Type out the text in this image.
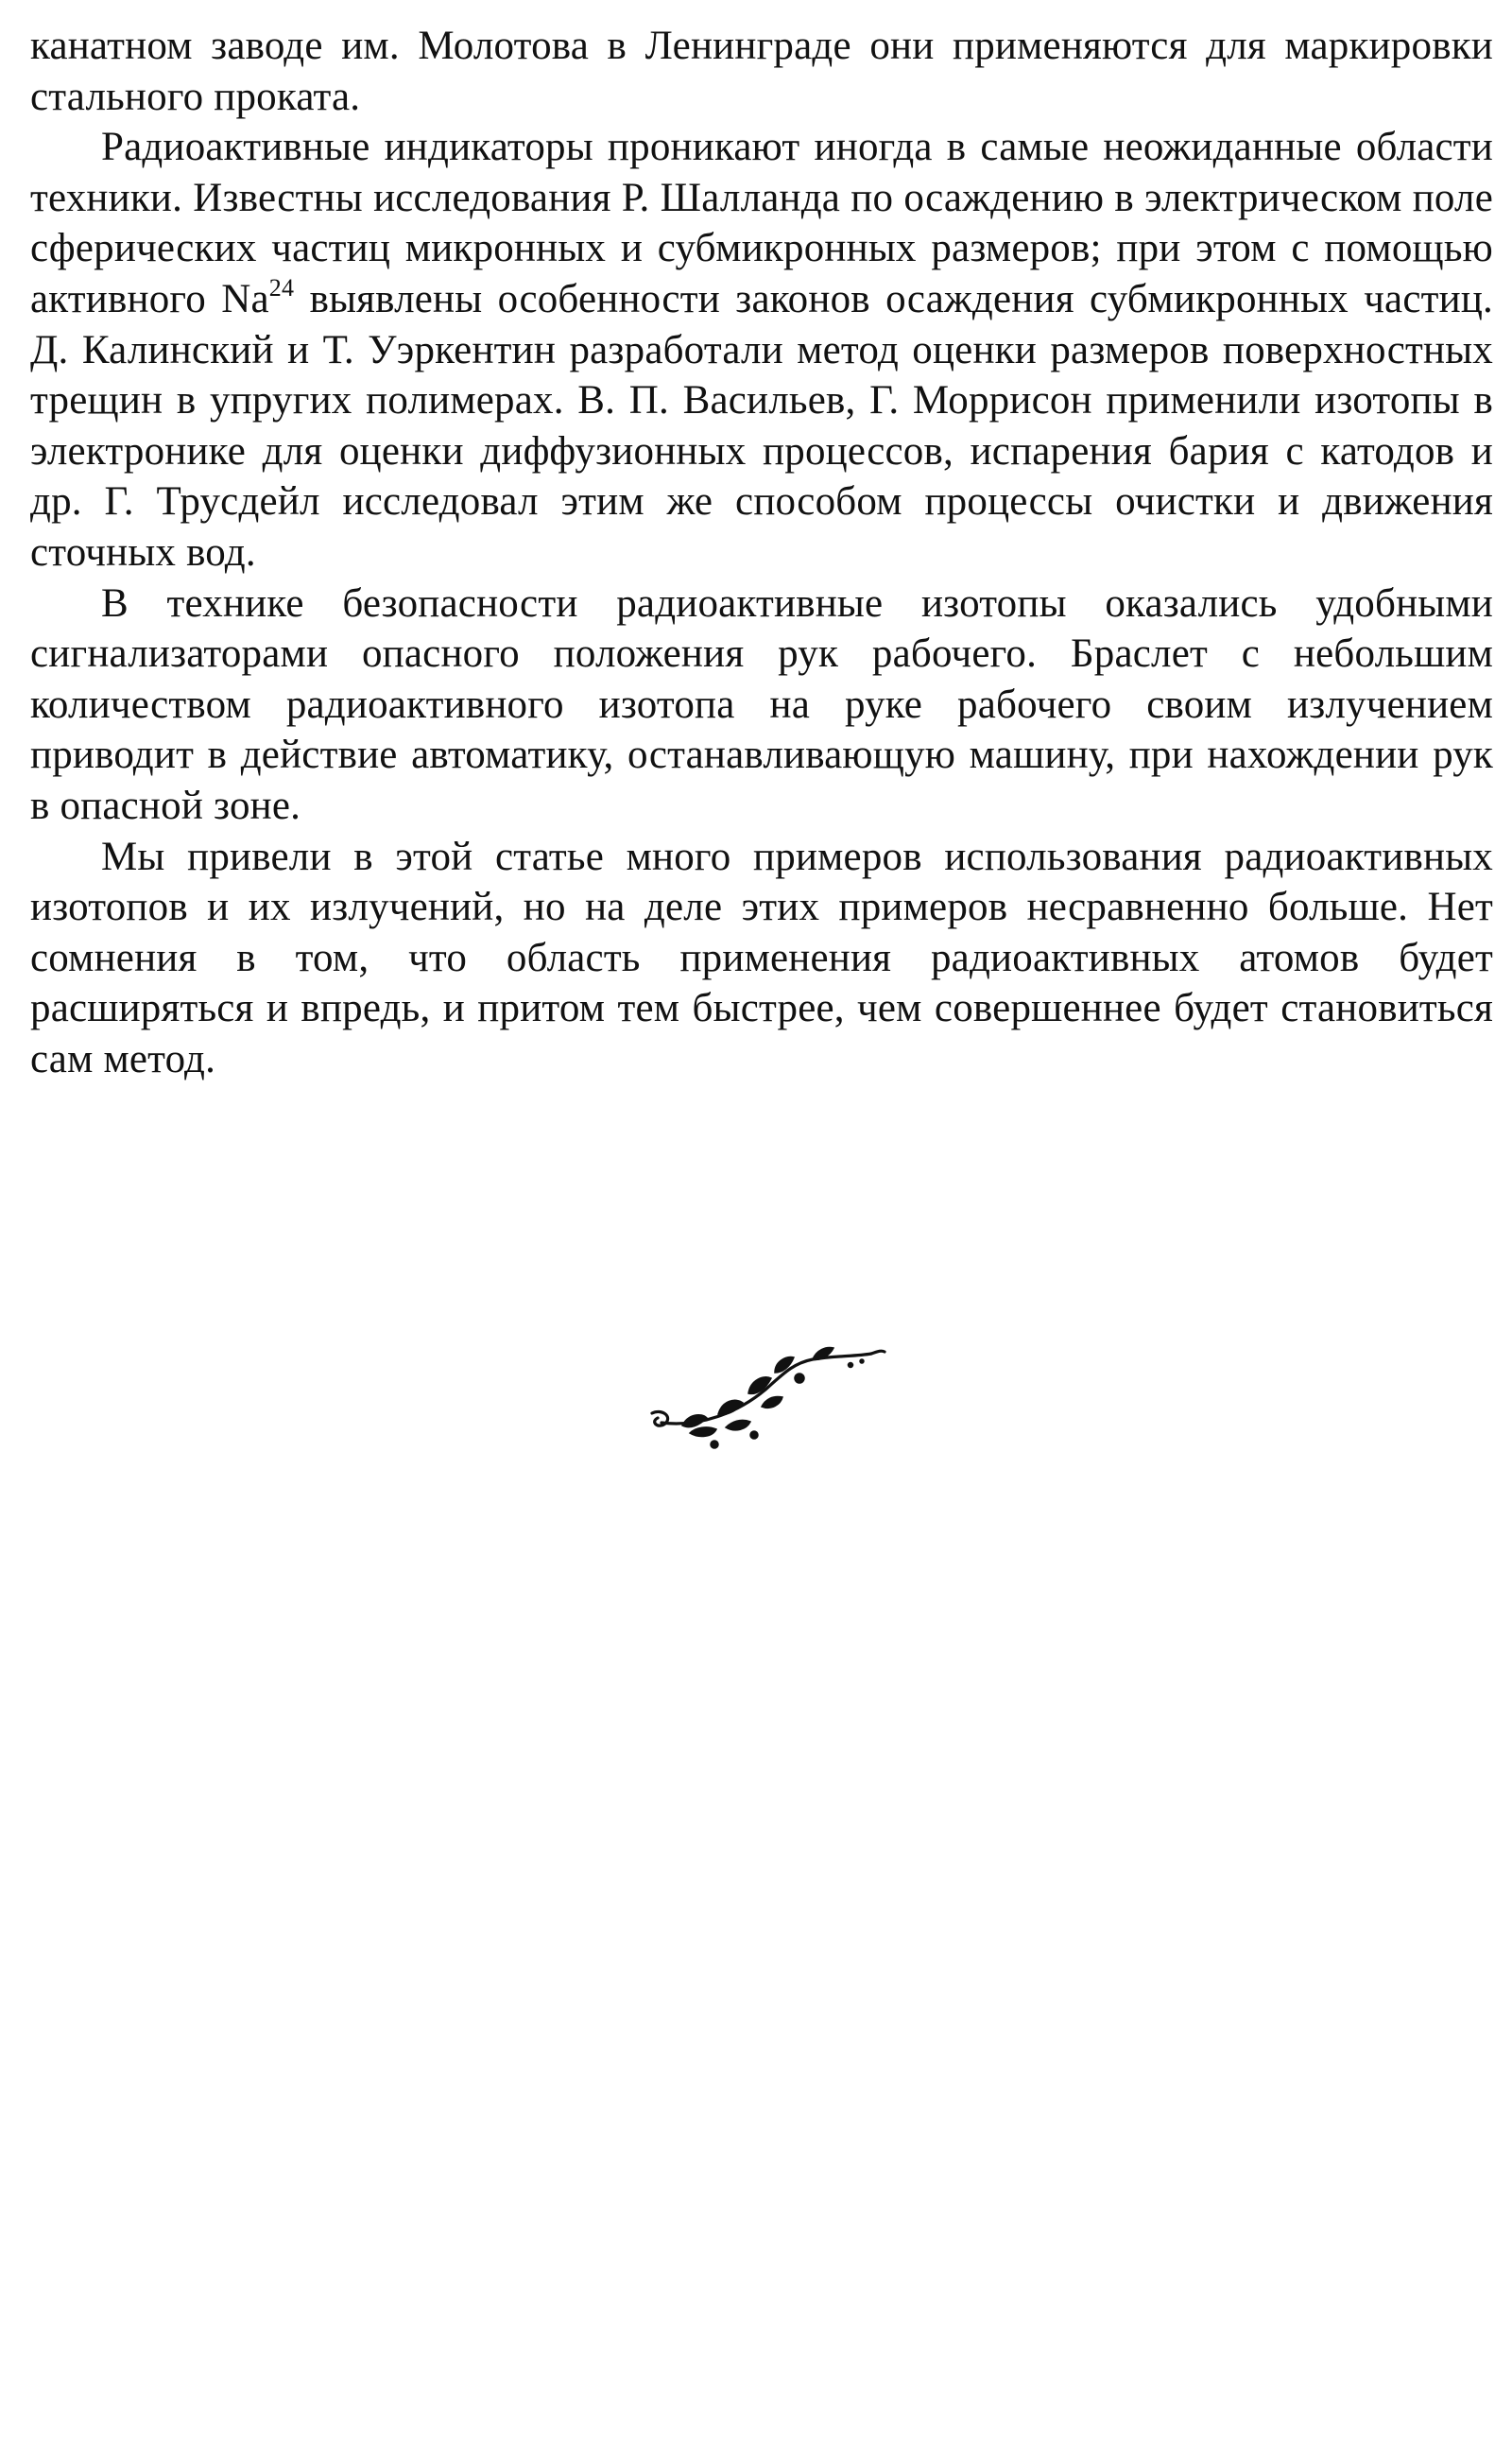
канатном заводе им. Молотова в Ленинграде они применяются для маркировки стального проката.

Радиоактивные индикаторы проникают иногда в самые неожиданные области техники. Известны исследования Р. Шалланда по осаждению в электрическом поле сферических частиц микронных и субмикронных размеров; при этом с помощью активного Na$^{24}$ выявлены особенности законов осаждения субмикронных частиц. Д. Калинский и Т. Уэркентин разработали метод оценки размеров поверхностных трещин в упругих полимерах. В. П. Васильев, Г. Моррисон применили изотопы в электронике для оценки диффузионных процессов, испарения бария с катодов и др. Г. Трусдейл исследовал этим же способом процессы очистки и движения сточных вод.

В технике безопасности радиоактивные изотопы оказались удобными сигнализаторами опасного положения рук рабочего. Браслет с небольшим количеством радиоактивного изотопа на руке рабочего своим излучением приводит в действие автоматику, останавливающую машину, при нахождении рук в опасной зоне.

Мы привели в этой статье много примеров использования радиоактивных изотопов и их излучений, но на деле этих примеров несравненно больше. Нет сомнения в том, что область применения радиоактивных атомов будет расширяться и впредь, и притом тем быстрее, чем совершеннее будет становиться сам метод.
